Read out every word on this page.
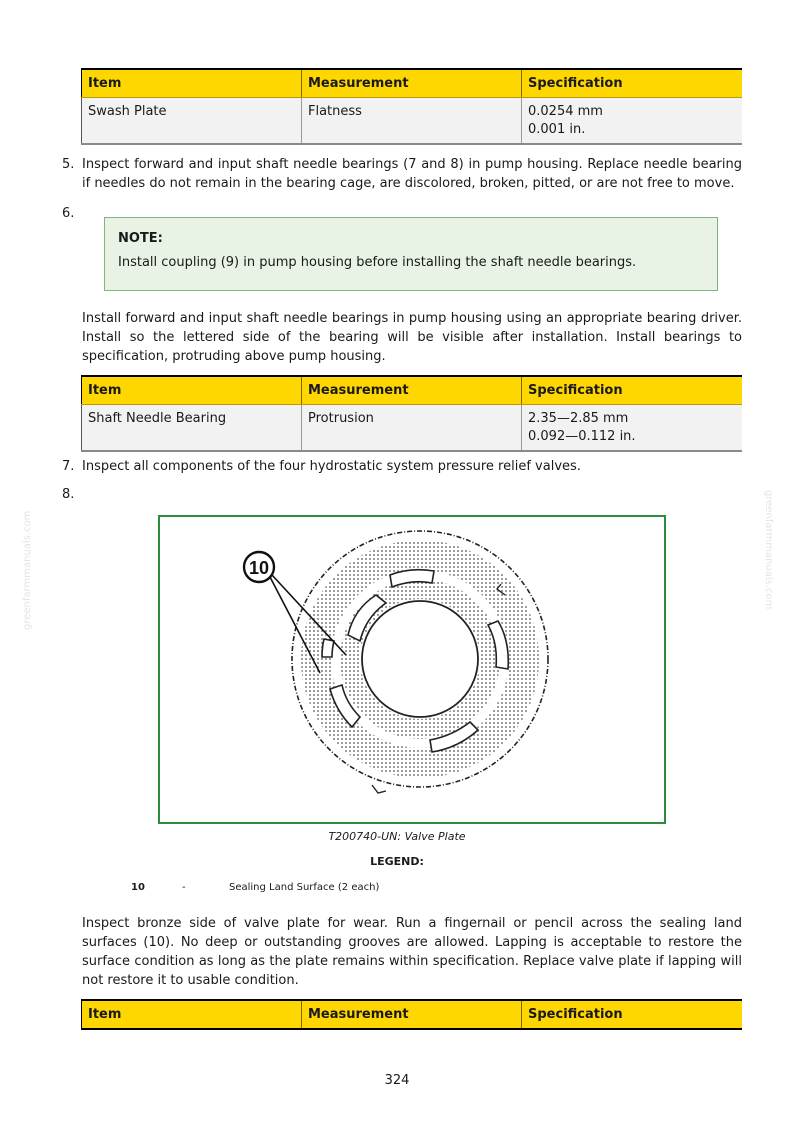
Item	Measurement	Specification
Swash Plate	Flatness	0.0254 mm
0.001 in.
5. Inspect forward and input shaft needle bearings (7 and 8) in pump housing. Replace needle bearing if needles do not remain in the bearing cage, are discolored, broken, pitted, or are not free to move.
6.
NOTE:
Install coupling (9) in pump housing before installing the shaft needle bearings.
Install forward and input shaft needle bearings in pump housing using an appropriate bearing driver. Install so the lettered side of the bearing will be visible after installation. Install bearings to specification, protruding above pump housing.
Item	Measurement	Specification
Shaft Needle Bearing	Protrusion	2.35—2.85 mm
0.092—0.112 in.
7. Inspect all components of the four hydrostatic system pressure relief valves.
8.
10
T200740-UN: Valve Plate
LEGEND:
10	-	Sealing Land Surface (2 each)
Inspect bronze side of valve plate for wear. Run a fingernail or pencil across the sealing land surfaces (10). No deep or outstanding grooves are allowed. Lapping is acceptable to restore the surface condition as long as the plate remains within specification. Replace valve plate if lapping will not restore it to usable condition.
Item	Measurement	Specification
greenfarmmanuals.com	greenfarmmanuals.com
324
